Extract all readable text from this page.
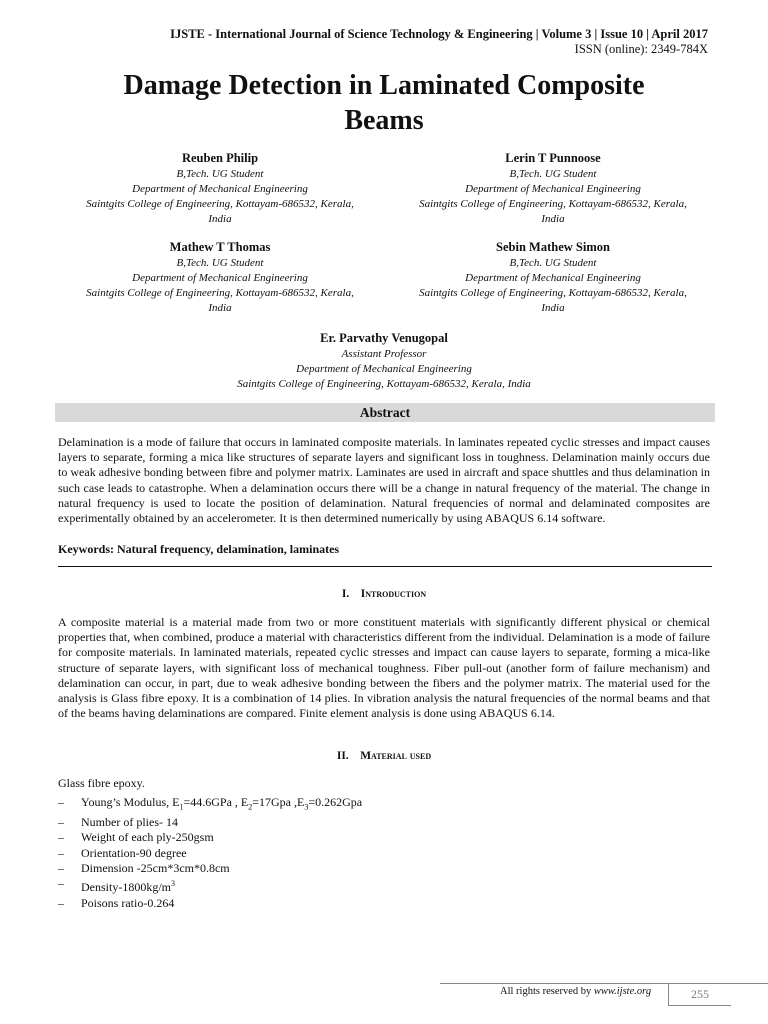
IJSTE - International Journal of Science Technology & Engineering | Volume 3 | Issue 10 | April 2017
ISSN (online): 2349-784X
Damage Detection in Laminated Composite
Beams
Reuben Philip
B,Tech. UG Student
Department of Mechanical Engineering
Saintgits College of Engineering, Kottayam-686532, Kerala,
India
Lerin T Punnoose
B,Tech. UG Student
Department of Mechanical Engineering
Saintgits College of Engineering, Kottayam-686532, Kerala,
India
Mathew T Thomas
B,Tech. UG Student
Department of Mechanical Engineering
Saintgits College of Engineering, Kottayam-686532, Kerala,
India
Sebin Mathew Simon
B,Tech. UG Student
Department of Mechanical Engineering
Saintgits College of Engineering, Kottayam-686532, Kerala,
India
Er. Parvathy Venugopal
Assistant Professor
Department of Mechanical Engineering
Saintgits College of Engineering, Kottayam-686532, Kerala, India
Abstract
Delamination is a mode of failure that occurs in laminated composite materials. In laminates repeated cyclic stresses and impact causes layers to separate, forming a mica like structures of separate layers and significant loss in toughness. Delamination mainly occurs due to weak adhesive bonding between fibre and polymer matrix. Laminates are used in aircraft and space shuttles and thus delamination in such case leads to catastrophe. When a delamination occurs there will be a change in natural frequency of the material. The change in natural frequency is used to locate the position of delamination. Natural frequencies of normal and delaminated composites are experimentally obtained by an accelerometer. It is then determined numerically by using ABAQUS 6.14 software.
Keywords: Natural frequency, delamination, laminates
I. Introduction
A composite material is a material made from two or more constituent materials with significantly different physical or chemical properties that, when combined, produce a material with characteristics different from the individual. Delamination is a mode of failure for composite materials. In laminated materials, repeated cyclic stresses and impact can cause layers to separate, forming a mica-like structure of separate layers, with significant loss of mechanical toughness. Fiber pull-out (another form of failure mechanism) and delamination can occur, in part, due to weak adhesive bonding between the fibers and the polymer matrix. The material used for the analysis is Glass fibre epoxy. It is a combination of 14 plies. In vibration analysis the natural frequencies of the normal beams and that of the beams having delaminations are compared. Finite element analysis is done using ABAQUS 6.14.
II. Material used
Glass fibre epoxy.
– Young’s Modulus, $E_1=44.6GPa$ , $E_2=17Gpa$ $,E_3=0.262Gpa$
– Number of plies- 14
– Weight of each ply-250gsm
– Orientation-90 degree
– Dimension -25cm*3cm*0.8cm
– Density-$1800kg/m^3$
– Poisons ratio-0.264
All rights reserved by www.ijste.org	255
